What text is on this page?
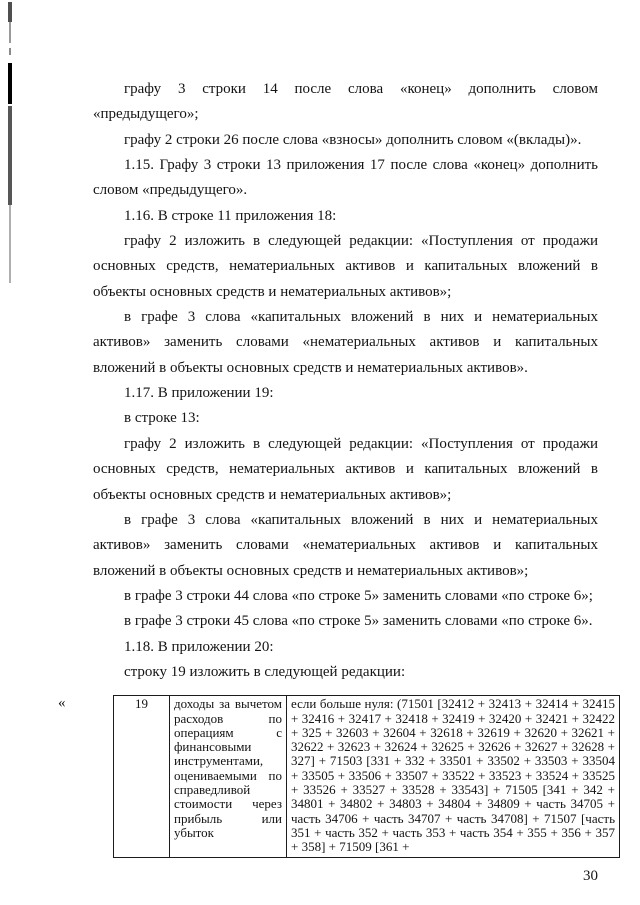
графу 3 строки 14 после слова «конец» дополнить словом «предыдущего»;

графу 2 строки 26 после слова «взносы» дополнить словом «(вклады)».

1.15. Графу 3 строки 13 приложения 17 после слова «конец» дополнить словом «предыдущего».

1.16. В строке 11 приложения 18:

графу 2 изложить в следующей редакции: «Поступления от продажи основных средств, нематериальных активов и капитальных вложений в объекты основных средств и нематериальных активов»;

в графе 3 слова «капитальных вложений в них и нематериальных активов» заменить словами «нематериальных активов и капитальных вложений в объекты основных средств и нематериальных активов».

1.17. В приложении 19:

в строке 13:

графу 2 изложить в следующей редакции: «Поступления от продажи основных средств, нематериальных активов и капитальных вложений в объекты основных средств и нематериальных активов»;

в графе 3 слова «капитальных вложений в них и нематериальных активов» заменить словами «нематериальных активов и капитальных вложений в объекты основных средств и нематериальных активов»;

в графе 3 строки 44 слова «по строке 5» заменить словами «по строке 6»;

в графе 3 строки 45 слова «по строке 5» заменить словами «по строке 6».

1.18. В приложении 20:

строку 19 изложить в следующей редакции:

«	19	доходы за вычетом расходов по операциям с финансовыми инструментами, оцениваемыми по справедливой стоимости через прибыль или убыток	если больше нуля: (71501 [32412 + 32413 + 32414 + 32415 + 32416 + 32417 + 32418 + 32419 + 32420 + 32421 + 32422 + 325 + 32603 + 32604 + 32618 + 32619 + 32620 + 32621 + 32622 + 32623 + 32624 + 32625 + 32626 + 32627 + 32628 + 327] + 71503 [331 + 332 + 33501 + 33502 + 33503 + 33504 + 33505 + 33506 + 33507 + 33522 + 33523 + 33524 + 33525 + 33526 + 33527 + 33528 + 33543] + 71505 [341 + 342 + 34801 + 34802 + 34803 + 34804 + 34809 + часть 34705 + часть 34706 + часть 34707 + часть 34708] + 71507 [часть 351 + часть 352 + часть 353 + часть 354 + 355 + 356 + 357 + 358] + 71509 [361 +
30
